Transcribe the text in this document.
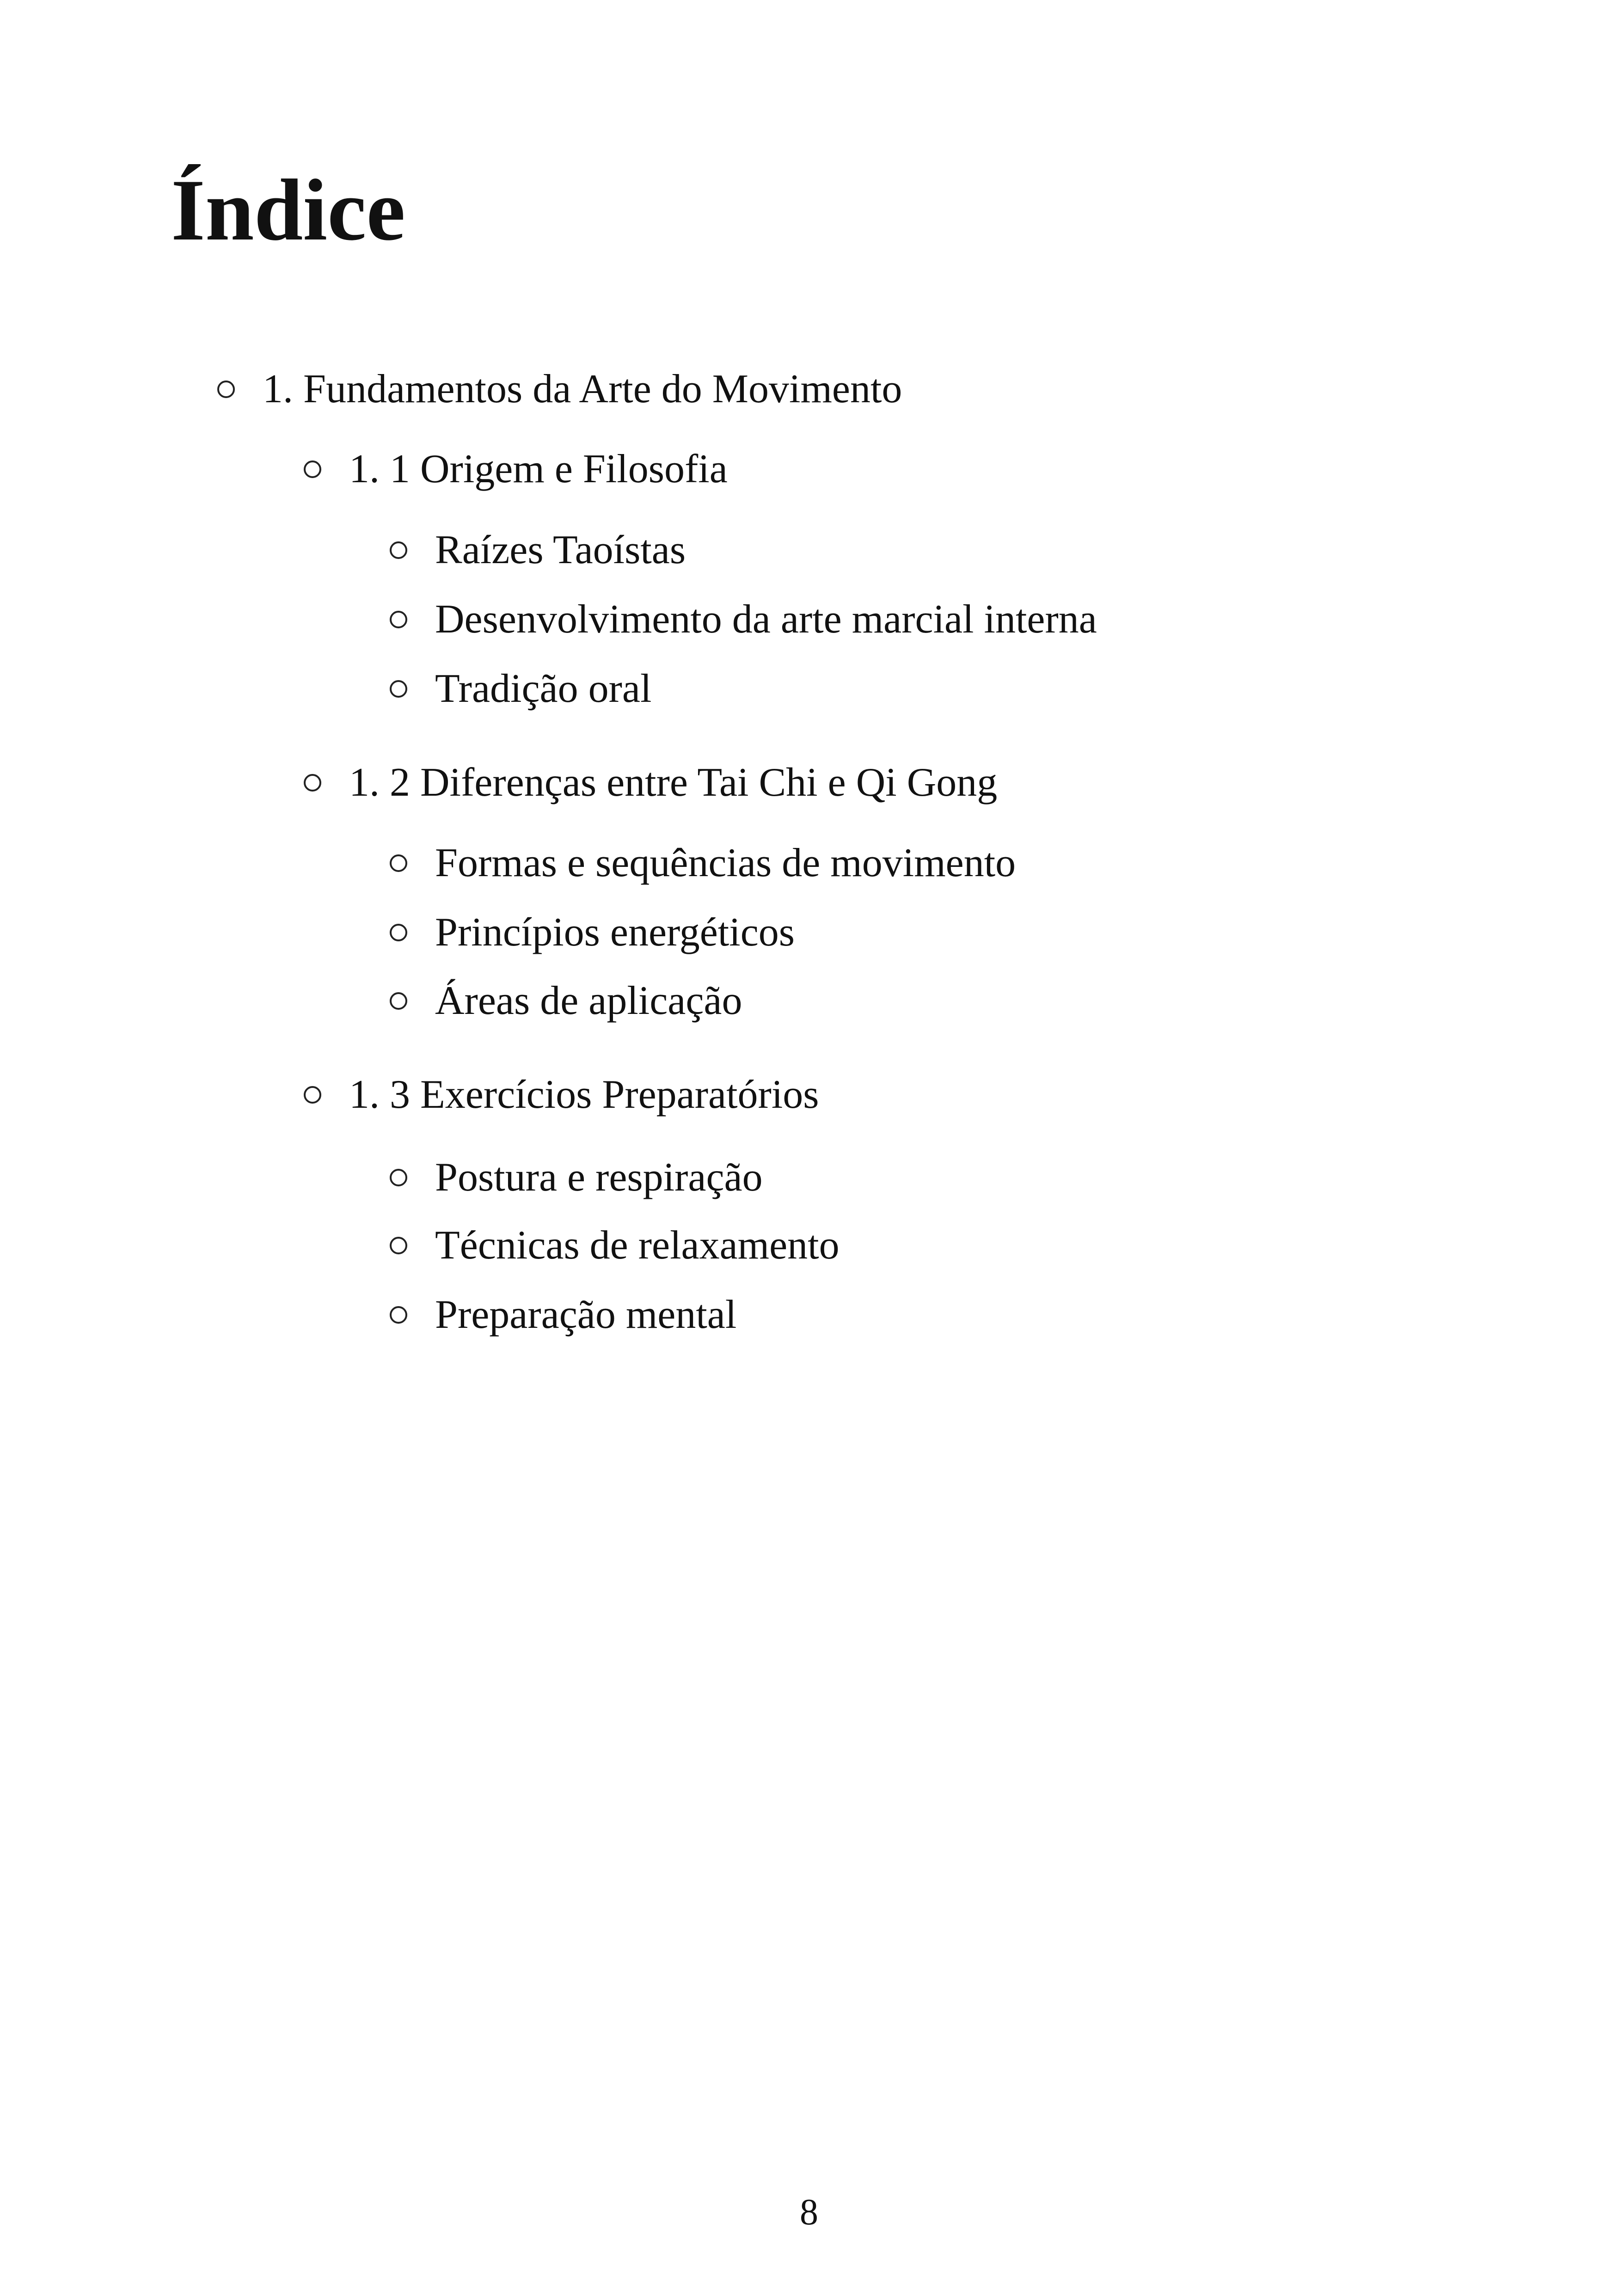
Índice
1. Fundamentos da Arte do Movimento
1. 1 Origem e Filosofia
Raízes Taoístas
Desenvolvimento da arte marcial interna
Tradição oral
1. 2 Diferenças entre Tai Chi e Qi Gong
Formas e sequências de movimento
Princípios energéticos
Áreas de aplicação
1. 3 Exercícios Preparatórios
Postura e respiração
Técnicas de relaxamento
Preparação mental
8
